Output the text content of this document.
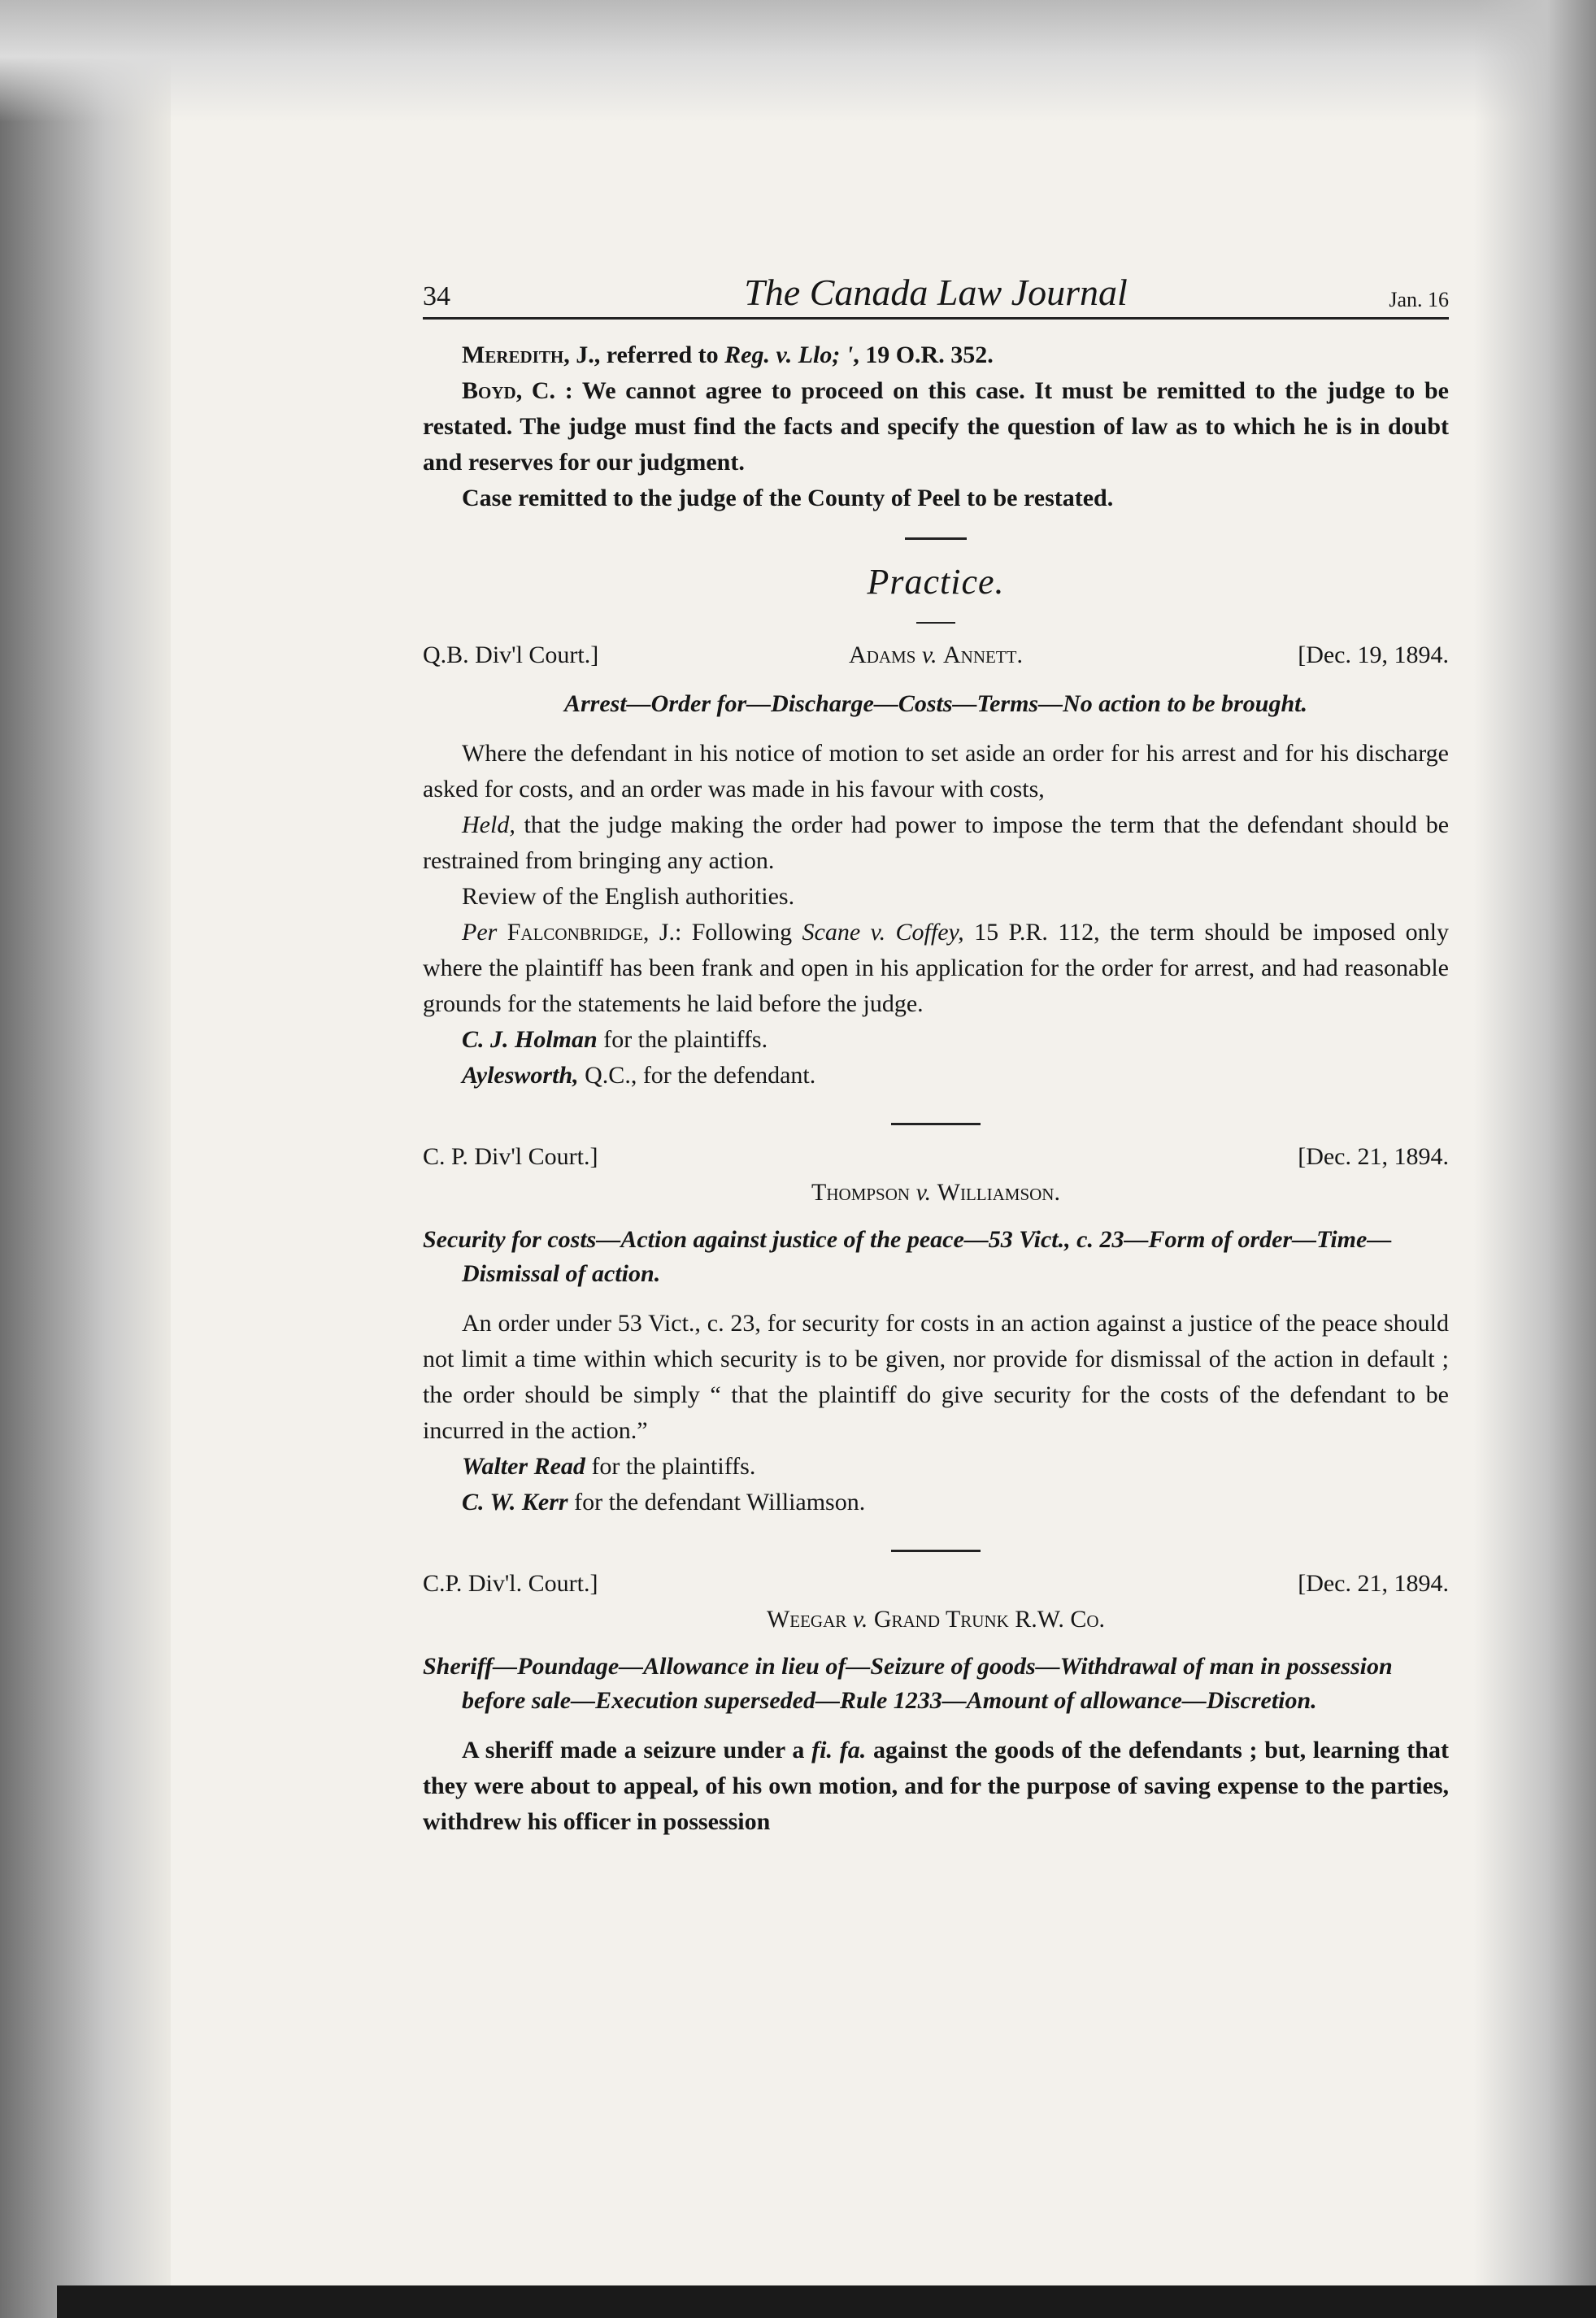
34	The Canada Law Journal	Jan. 16

Meredith, J., referred to Reg. v. Llo; ', 19 O.R. 352.

Boyd, C. : We cannot agree to proceed on this case. It must be remitted to the judge to be restated. The judge must find the facts and specify the question of law as to which he is in doubt and reserves for our judgment.

Case remitted to the judge of the County of Peel to be restated.

Practice.
Q.B. Div'l Court.]	Adams v. Annett.	[Dec. 19, 1894.
Arrest—Order for—Discharge—Costs—Terms—No action to be brought.

Where the defendant in his notice of motion to set aside an order for his arrest and for his discharge asked for costs, and an order was made in his favour with costs,

Held, that the judge making the order had power to impose the term that the defendant should be restrained from bringing any action.

Review of the English authorities.

Per Falconbridge, J.: Following Scane v. Coffey, 15 P.R. 112, the term should be imposed only where the plaintiff has been frank and open in his application for the order for arrest, and had reasonable grounds for the statements he laid before the judge.

C. J. Holman for the plaintiffs.

Aylesworth, Q.C., for the defendant.

C. P. Div'l Court.]	[Dec. 21, 1894.
Thompson v. Williamson.
Security for costs—Action against justice of the peace—53 Vict., c. 23—Form of order—Time—Dismissal of action.

An order under 53 Vict., c. 23, for security for costs in an action against a justice of the peace should not limit a time within which security is to be given, nor provide for dismissal of the action in default ; the order should be simply “ that the plaintiff do give security for the costs of the defendant to be incurred in the action.”

Walter Read for the plaintiffs.

C. W. Kerr for the defendant Williamson.

C.P. Div'l. Court.]	[Dec. 21, 1894.
Weegar v. Grand Trunk R.W. Co.
Sheriff—Poundage—Allowance in lieu of—Seizure of goods—Withdrawal of man in possession before sale—Execution superseded—Rule 1233—Amount of allowance—Discretion.

A sheriff made a seizure under a fi. fa. against the goods of the defendants ; but, learning that they were about to appeal, of his own motion, and for the purpose of saving expense to the parties, withdrew his officer in possession
